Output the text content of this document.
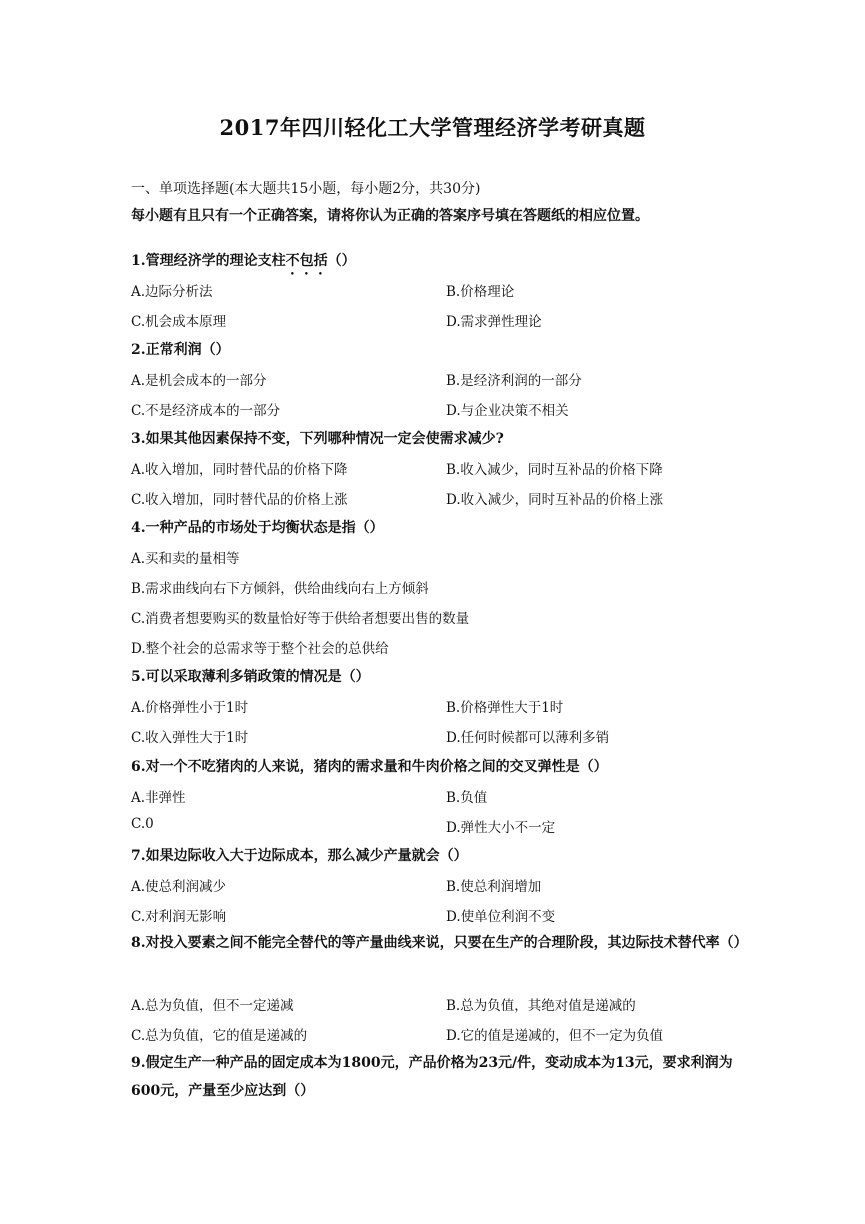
2017年四川轻化工大学管理经济学考研真题
一、单项选择题(本大题共15小题，每小题2分，共30分)
每小题有且只有一个正确答案，请将你认为正确的答案序号填在答题纸的相应位置。
1.管理经济学的理论支柱不包括（）
A.边际分析法	B.价格理论
C.机会成本原理	D.需求弹性理论
2.正常利润（）
A.是机会成本的一部分	B.是经济利润的一部分
C.不是经济成本的一部分	D.与企业决策不相关
3.如果其他因素保持不变，下列哪种情况一定会使需求减少?
A.收入增加，同时替代品的价格下降	B.收入减少，同时互补品的价格下降
C.收入增加，同时替代品的价格上涨	D.收入减少，同时互补品的价格上涨
4.一种产品的市场处于均衡状态是指（）
A.买和卖的量相等
B.需求曲线向右下方倾斜，供给曲线向右上方倾斜
C.消费者想要购买的数量恰好等于供给者想要出售的数量
D.整个社会的总需求等于整个社会的总供给
5.可以采取薄利多销政策的情况是（）
A.价格弹性小于1时	B.价格弹性大于1时
C.收入弹性大于1时	D.任何时候都可以薄利多销
6.对一个不吃猪肉的人来说，猪肉的需求量和牛肉价格之间的交叉弹性是（）
A.非弹性	B.负值
C.0	D.弹性大小不一定
7.如果边际收入大于边际成本，那么减少产量就会（）
A.使总利润减少	B.使总利润增加
C.对利润无影响	D.使单位利润不变
8.对投入要素之间不能完全替代的等产量曲线来说，只要在生产的合理阶段，其边际技术替代率（）
A.总为负值，但不一定递减	B.总为负值，其绝对值是递减的
C.总为负值，它的值是递减的	D.它的值是递减的，但不一定为负值
9.假定生产一种产品的固定成本为1800元，产品价格为23元/件，变动成本为13元，要求利润为600元，产量至少应达到（）
